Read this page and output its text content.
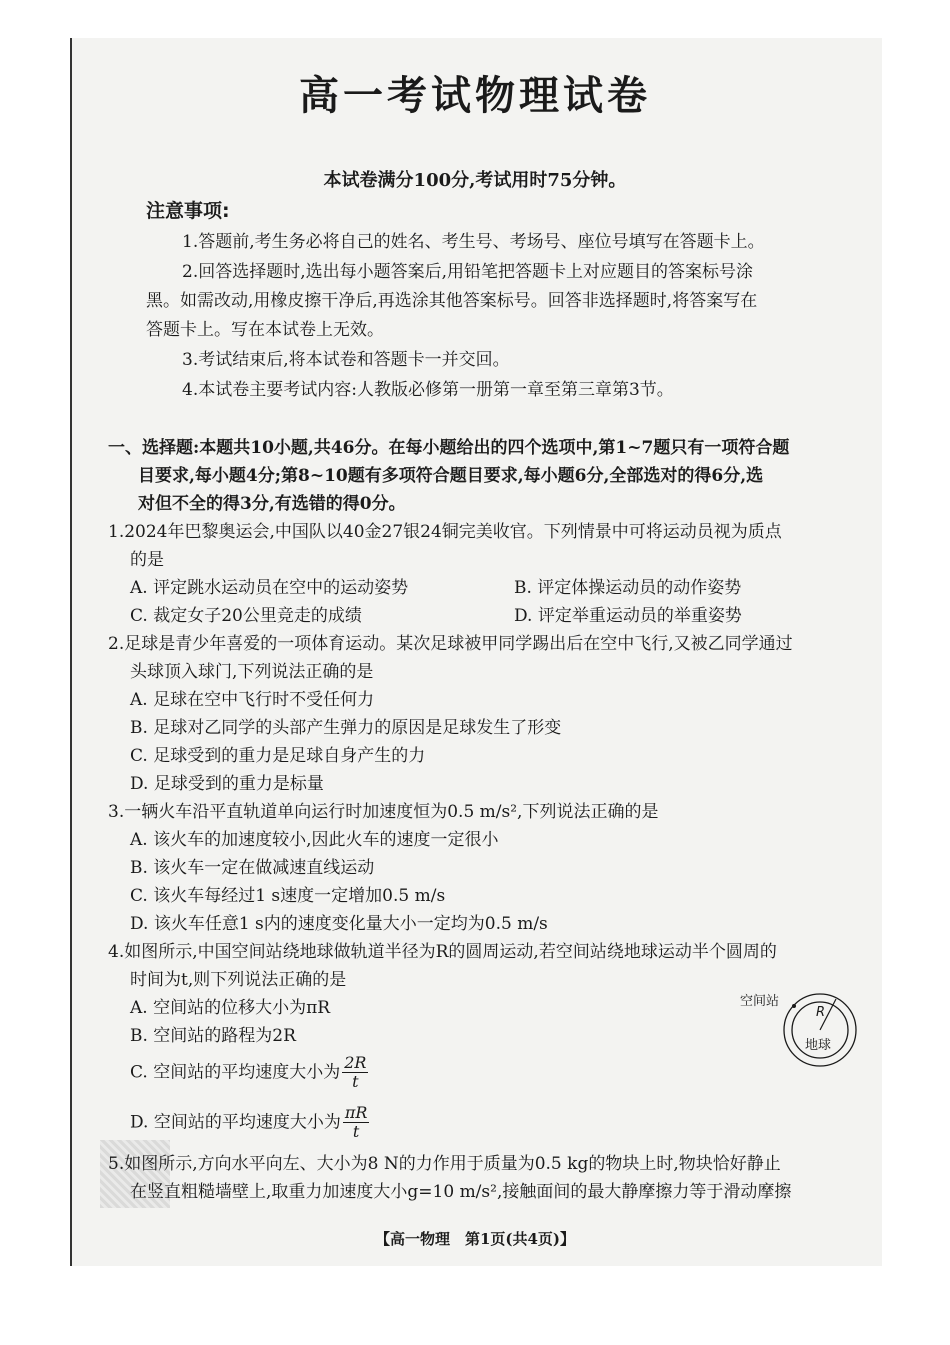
高一考试物理试卷
本试卷满分100分,考试用时75分钟。
注意事项:
1.答题前,考生务必将自己的姓名、考生号、考场号、座位号填写在答题卡上。
2.回答选择题时,选出每小题答案后,用铅笔把答题卡上对应题目的答案标号涂
黑。如需改动,用橡皮擦干净后,再选涂其他答案标号。回答非选择题时,将答案写在
答题卡上。写在本试卷上无效。
3.考试结束后,将本试卷和答题卡一并交回。
4.本试卷主要考试内容:人教版必修第一册第一章至第三章第3节。
一、选择题:本题共10小题,共46分。在每小题给出的四个选项中,第1~7题只有一项符合题
目要求,每小题4分;第8~10题有多项符合题目要求,每小题6分,全部选对的得6分,选
对但不全的得3分,有选错的得0分。
1.2024年巴黎奥运会,中国队以40金27银24铜完美收官。下列情景中可将运动员视为质点
的是
A. 评定跳水运动员在空中的运动姿势	B. 评定体操运动员的动作姿势
C. 裁定女子20公里竞走的成绩	D. 评定举重运动员的举重姿势
2.足球是青少年喜爱的一项体育运动。某次足球被甲同学踢出后在空中飞行,又被乙同学通过
头球顶入球门,下列说法正确的是
A. 足球在空中飞行时不受任何力
B. 足球对乙同学的头部产生弹力的原因是足球发生了形变
C. 足球受到的重力是足球自身产生的力
D. 足球受到的重力是标量
3.一辆火车沿平直轨道单向运行时加速度恒为0.5 m/s²,下列说法正确的是
A. 该火车的加速度较小,因此火车的速度一定很小
B. 该火车一定在做减速直线运动
C. 该火车每经过1 s速度一定增加0.5 m/s
D. 该火车任意1 s内的速度变化量大小一定均为0.5 m/s
4.如图所示,中国空间站绕地球做轨道半径为R的圆周运动,若空间站绕地球运动半个圆周的
时间为t,则下列说法正确的是
A. 空间站的位移大小为πR
B. 空间站的路程为2R
C. 空间站的平均速度大小为 $\frac{2R}{t}$
D. 空间站的平均速度大小为 $\frac{\pi R}{t}$
空间站
R
地球
5.如图所示,方向水平向左、大小为8 N的力作用于质量为0.5 kg的物块上时,物块恰好静止
在竖直粗糙墙壁上,取重力加速度大小g=10 m/s²,接触面间的最大静摩擦力等于滑动摩擦
【高一物理　第1页(共4页)】
